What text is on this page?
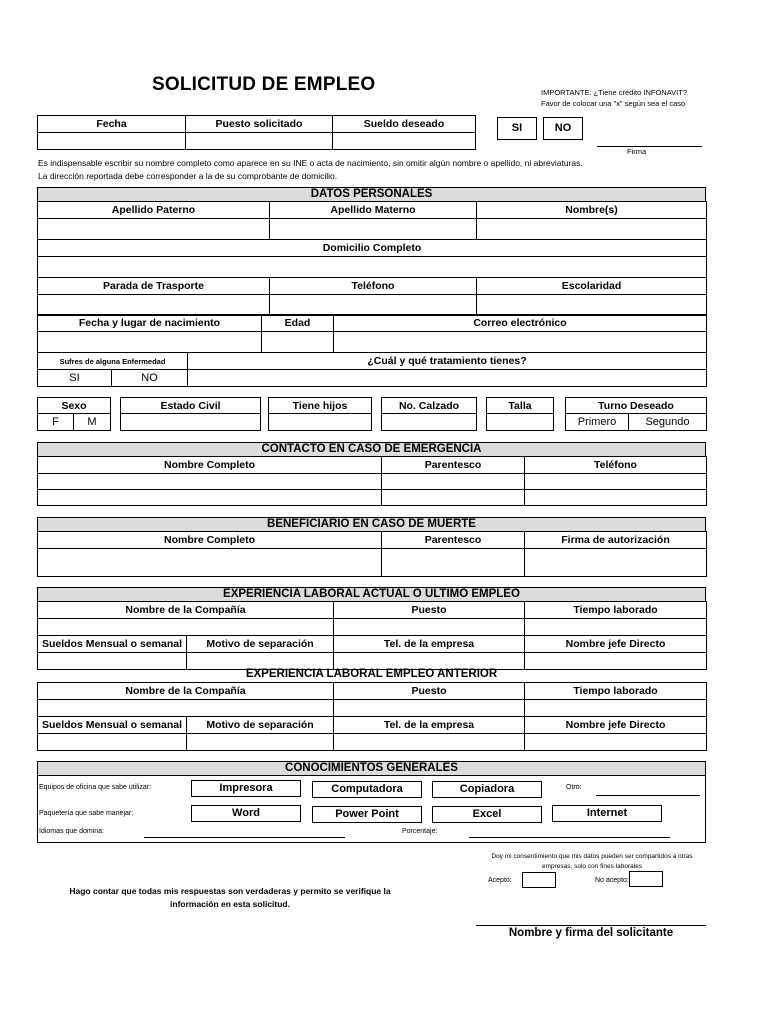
SOLICITUD DE EMPLEO	IMPORTANTE: ¿Tiene crédito INFONAVIT?
Favor de colocar una "x" según sea el caso
SI	NO
Firma
Fecha	Puesto solicitado	Sueldo deseado

Es indispensable escribir su nombre completo como aparece en su INE o acta de nacimiento, sin omitir algún nombre o apellido, ni abreviaturas.
La dirección reportada debe corresponder a la de su comprobante de domicilio.
DATOS PERSONALES
Apellido Paterno	Apellido Materno	Nombre(s)

Domicilio Completo		

Parada de Trasporte	Teléfono	Escolaridad

Fecha y lugar de nacimiento	Edad	Correo electrónico

Sufres de alguna Enfermedad		¿Cuál y qué tratamiento tienes?
SI	NO	
Sexo
F	M
Estado Civil	Tiene hijos	No. Calzado	Talla	Turno Deseado
Primero	Segundo
CONTACTO EN CASO DE EMERGENCIA
Nombre Completo	Parentesco	Teléfono

BENEFICIARIO EN CASO DE MUERTE
Nombre Completo	Parentesco	Firma de autorización

EXPERIENCIA LABORAL ACTUAL O ULTIMO EMPLEO
Nombre de la Compañía		Puesto	Tiempo laborado

Sueldos Mensual o semanal	Motivo de separación	Tel. de la empresa	Nombre jefe Directo

EXPERIENCIA LABORAL EMPLEO ANTERIOR
Nombre de la Compañía		Puesto	Tiempo laborado

Sueldos Mensual o semanal	Motivo de separación	Tel. de la empresa	Nombre jefe Directo

CONOCIMIENTOS GENERALES
Equipos de oficina que sabe utilizar:	Impresora	Computadora	Copiadora	Otro:
Paquetería que sabe manejar:	Word	Power Point	Excel	Internet
Idiomas que domina:	Porcentaje:
Doy mi consentimiento que mis datos pueden ser compartidos a otras
empresas, solo con fines laborales
Acepto:	No acepto:
Hago contar que todas mis respuestas son verdaderas y permito se verifique la
información en esta solicitud.
Nombre y firma del solicitante
